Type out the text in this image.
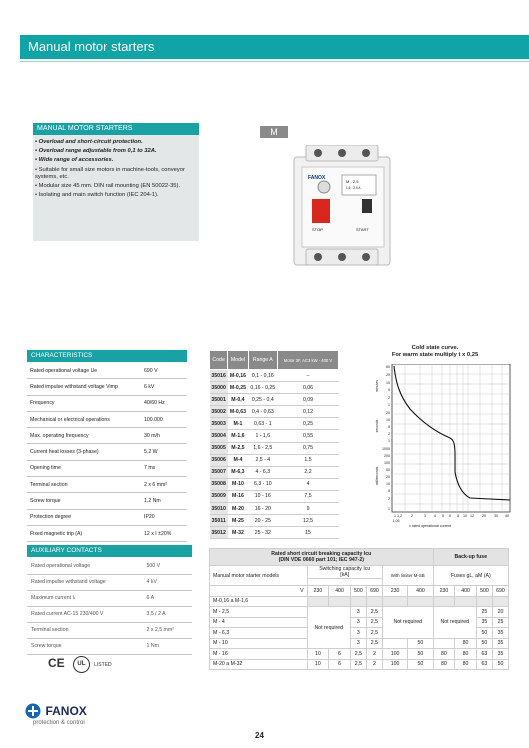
Manual motor starters
MANUAL MOTOR STARTERS
• Overload and short-circuit protection.
• Overload range adjustable from 0,1 to 32A.
• Wide range of accessories.
• Suitable for small size motors in machine-tools, conveyor systems, etc.
• Modular size 45 mm. DIN rail mounting (EN 50022-35).
• Isolating and main switch function (IEC 204-1).
M
FANOX
M - 2,5
1,6 - 2,5 A
STOP	START
CHARACTERISTICS
Rated operational voltage Ue	690 V
Rated impulse withstand voltage Vimp	6 kV
Frequency	40/60 Hz
Mechanical or electrical operations	100.000
Max. operating frequency	30 m/h
Current heat losses (3-phase)	5,2 W
Opening time	7 ms
Terminal section	2 x 6 mm²
Screw torque	1,2 Nm
Protection degree	IP20
Fixed magnetic trip (A)	12 x I ±20%
Code	Model	Range A	Motor 3F, AC3 kW - 400 V
35016	M-0,16	0,1 - 0,16	--
35000	M-0,25	0,16 - 0,25	0,06
35001	M-0,4	0,25 - 0,4	0,09
35002	M-0,63	0,4 - 0,63	0,12
35003	M-1	0,63 - 1	0,25
35004	M-1,6	1 - 1,6	0,55
35005	M-2,5	1,6 - 2,5	0,75
35006	M-4	2,5 - 4	1,5
35007	M-6,3	4 - 6,3	2,2
35008	M-10	6,3 - 10	4
35009	M-16	10 - 16	7,5
35010	M-20	16 - 20	9
35011	M-25	20 - 25	12,5
35012	M-32	25 - 32	15
Cold state curve.
For warm state multiply t x 0,25
60
20
10
5
2
1
20
10
5
2
1
1000
200
100
50
20
10
5
2
1
minutes
seconds
milliseconds
1 1,2	2	3 4 5 6 8 10 12 20 30 40
1,05
x rated operational current
AUXILIARY CONTACTS
Rated operational voltage	500 V
Rated impulse withstand voltage	4 kV
Maximum current Iₜ	6 A
Rated current AC-15 230/400 V	3,5 / 2 A
Terminal section	2 x 2,5 mm²
Screw torque	1 Nm
Rated short circuit breaking capacity Icu
(DIN VDE 0660 part 101; IEC 947-2)							Back-up fuse			
Manual motor starter models	Switching capacity Icu
[kA]				With limiter M-SB		Fuses gL, aM (A)			

V	230	400	500	690	230	400	230	400	500	690
M-0,16 a M-1,6										
M - 2,5	Not required		3	2,5	Not required		Not required		25	20
M - 4			3	2,5					35	25
M - 6,3			3	2,5					50	35
M - 10			3	2,5		50		80	50	35
M - 16	10	6	2,5	2	100	50	80	80	63	35
M-20 a M-32	10	6	2,5	2	100	50	80	80	63	50
CE UL LISTED
FANOX
protection & control
24
